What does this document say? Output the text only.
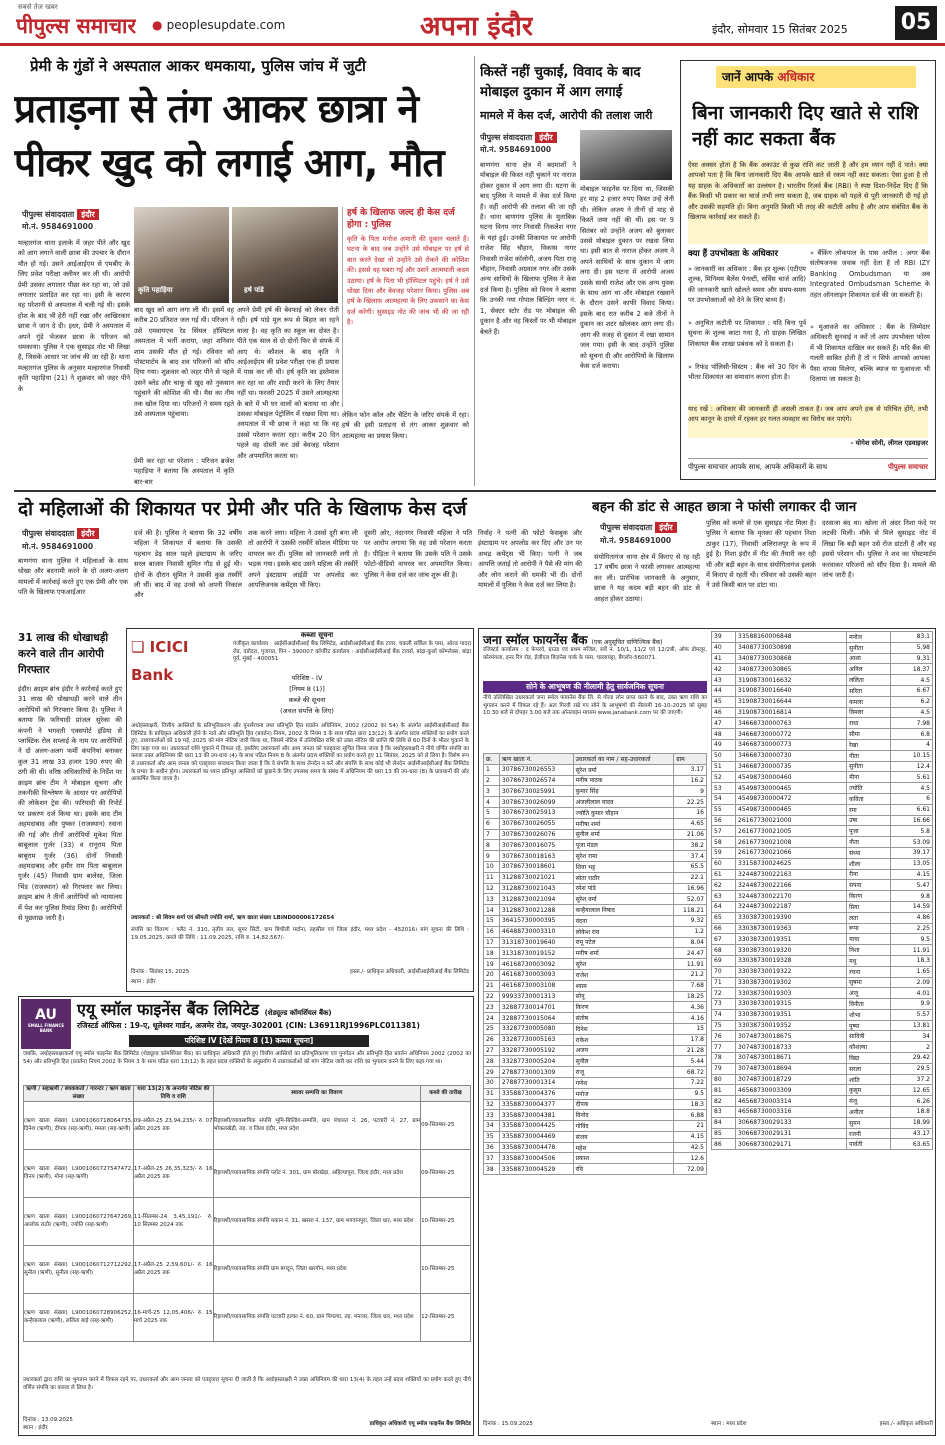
सबसे तेज खबर
पीपुल्स समाचार ● peoplesupdate.com	अपना इंदौर	इंदौर, सोमवार 15 सितंबर 2025 05
प्रेमी के गुंडों ने अस्पताल आकर धमकाया, पुलिस जांच में जुटी
प्रताड़ना से तंग आकर छात्रा ने
पीकर खुद को लगाई आग, मौत
पीपुल्स संवाददाता इंदौर
मो.नं. 9584691000
मल्हारगंज थाना इलाके में जहर पीने और खुद को आग लगाने वाली छात्रा की उपचार के दौरान मौत हो गई। उसने आईआईएम से एमबीए के लिए प्रवेश परीक्षा क्लीयर कर ली थी। आरोपी प्रेमी उसका लगातार पीछा कर रहा था, जो उसे लगातार प्रताड़ित कर रहा था। इसी के कारण वह परेशानी से अस्पताल में चली गई थी। इसके होश के बाद भी हेरी नहीं रखा और आखिरकार छात्रा ने जान दे दी। इधर, प्रेमी ने अस्पताल में अपने गुंडे भेजकर छात्रा के परिजन को धमकाया। पुलिस ने एक सुसाइड नोट भी लिखा है, जिसके आधार पर जांच की जा रही है। थाना मल्हारगंज पुलिस के अनुसार मल्हारगंज निवासी कृति पहाड़िया (21) ने शुक्रवार को जहर पीने के
कृति पहाड़िया	हर्ष पांडे
बाद खुद को आग लगा ली थी। इसमें वह करीब 20 प्रतिशत जल गई थी। परिजन ने उसे एमवायएच रेड सिंघल हॉस्पिटल अस्पताल में भर्ती कराया, जहां शनिवार शाम उसकी मौत हो गई। रविवार को पोस्टमार्टम के बाद शव परिजनों को सौंप दिया गया। शुक्रवार को जहर पीने से पहले उसने ब्लेड और चाकू से खुद को नुकसान पहुंचाने की कोशिश की थी। मैस का नीम तक खोल दिया था। परिजनों ने समय रहते उसे अस्पताल पहुंचाया।
प्रेमी कर रहा था परेशान : परिजन ब्रजेश पहाड़िया ने बताया कि अस्पताल में कृति बार-बार
अपने प्रेमी हर्ष की बेवफाई को लेकर रोती रही। हर्ष पांडे मूल रूप से बिहार का रहने वाला है। वह कृति का स्कूल का दोस्त है। पीते एक साल से दो दोनों फिर से संपर्क में आए थे। कौशल के बाद कृति ने आईआईएम की प्रवेश परीक्षा एक ही प्रयास में पास कर ली थी। हर्ष कृति का इस्तेमाल कर रहा था और शादी करने के लिए तैयार नहीं था। फरवरी 2025 में उसने आत्महत्या के बारे में भी घर वालों को बताया था और उसका मोबाइल पेट्रोलिंग में रखवा दिया था। अस्पताल में भी छात्रा ने कहा था कि वह उससे परेशान करता रहा। करीब 20 दिन पहले वह दोस्ती कर उसे बेवजह परेशान और अपमानित करता था।
हर्ष के खिलाफ जल्द ही केस दर्ज होगा : पुलिस
कृति के पिता मनोज अमानी की दुकान चलाते हैं। घटना के बाद जब उन्होंने उसे मोबाइल पर हर्ष से बात करते देखा तो उन्होंने उसे रोकने की कोशिश की। इससे वह घबरा गई और उसने आत्मघाती कदम उठाया। हर्ष के पिता भी हॉस्पिटल पहुंचे। हर्ष ने उसे धोखा दिया और बेवजह परेशान किया। पुलिस अब हर्ष के खिलाफ आत्महत्या के लिए उकसाने का केस दर्ज करेगी। सुसाइड नोट की जांच भी की जा रही है।
लेकिन फोन कॉल और चैटिंग के जरिए संपर्क में रहा। हर्ष की इसी प्रताड़ना से तंग आकर शुक्रवार को आत्महत्या का प्रयास किया।
किस्तें नहीं चुकाईं, विवाद के बाद मोबाइल दुकान में आग लगाई
मामले में केस दर्ज, आरोपी की तलाश जारी
पीपुल्स संवाददाता इंदौर
मो.नं. 9584691000
बाणगंगा थाना क्षेत्र में बदमाशों ने मोबाइल की किस्त नहीं चुकाने पर नाराज होकर दुकान में आग लगा दी। घटना के बाद पुलिस ने मामले में केस दर्ज किया है। वहीं आरोपी की तलाश की जा रही है। थाना बाणगंगा पुलिस के मुताबिक घटना विनय नगर निवासी निकलेश नगर के यहां हुई। उनकी शिकायत पर आरोपी राजेश सिंह चौहान, विकास नागर निवासी राजेश कॉलोनी, अजय पिता राजू चौहान, निवासी अग्रवाल नगर और उसके अन्य साथियों के खिलाफ पुलिस ने केस दर्ज किया है। पुलिस को विनय ने बताया कि उनकी नया गोपाल बिल्डिंग नगर नं. 1, सेक्टर स्टोर रोड पर मोबाइल की दुकान है और वह किस्तों पर भी मोबाइल बेचते हैं।
मोबाइल फाइनेंस पर दिया था, जिसकी हर माह 2 हजार रुपए किस्त उन्हें लेनी थी। लेकिन अजय ने तीनों दो माह से किस्तें जमा नहीं की थीं। इस पर 9 सितंबर को उन्होंने अजय को बुलाकर उससे मोबाइल दुकान पर रखवा लिया था। इसी बात से नाराज होकर अजय ने अपने साथियों के साथ दुकान में आग लगा दी। इस घटना में आरोपी अजय उसके साथी राजेश और एक अन्य युवक के साथ आग था और मोबाइल रखवाने के दौरान उसने काफी विवाद किया। इसके बाद रात करीब 2 बजे तीनों ने दुकान का शटर खोलकर आग लगा दी। आग की वजह से दुकान में रखा सामान जल गया। इसी के बाद उन्होंने पुलिस को सूचना दी और आरोपियों के खिलाफ केस दर्ज कराया।
जानें आपके अधिकार
बिना जानकारी दिए खाते से राशि नहीं काट सकता बैंक
ऐसा अक्सर होता है कि बैंक अकाउंट से कुछ राशि कट जाती है और हम ध्यान नहीं दे पाते। क्या आपको पता है कि बिना जानकारी दिए बैंक आपके खाते से रकम नहीं काट सकता। ऐसा हुआ है तो यह ग्राहक के अधिकारों का उल्लंघन है। भारतीय रिजर्व बैंक (RBI) ने स्पष्ट दिशा-निर्देश दिए हैं कि बैंक किसी भी प्रकार का चार्ज तभी लगा सकता है, जब ग्राहक को पहले से पूरी जानकारी दी गई हो और उसकी सहमति हो। बिना अनुमति किसी भी तरह की कटौती अवैध है और आप संबंधित बैंक के खिलाफ कार्रवाई कर सकते हैं।
क्या हैं उपभोक्ता के अधिकार
» जानकारी का अधिकार : बैंक हर शुल्क (एटीएम शुल्क, मिनिमम बैलेंस पेनल्टी, सर्विस चार्ज आदि) की जानकारी खाते खोलते समय और समय-समय पर उपभोक्ताओं को देने के लिए बाध्य है।
» अनुचित कटौती पर शिकायत : यदि बिना पूर्व सूचना के शुल्क काटा गया है, तो ग्राहक लिखित शिकायत बैंक शाखा प्रबंधक को दे सकता है।
» रिफंड पॉलिसी-सिस्टम : बैंक को 30 दिन के भीतर शिकायत का समाधान करना होता है।
» बैंकिंग लोकपाल के पास अपील : अगर बैंक संतोषजनक जवाब नहीं देता है तो RBI IZY Banking Ombudsman या अब Integrated Ombudsman Scheme के तहत ऑनलाइन शिकायत दर्ज की जा सकती है।
» मुआवजे का अधिकार : बैंक के जिम्मेदार अधिकारी सुनवाई न करें तो आप उपभोक्ता फोरम में भी शिकायत दाखिल कर सकते हैं। यदि बैंक की गलती साबित होती है तो न सिर्फ आपको आपका पैसा वापस मिलेगा, बल्कि ब्याज या मुआवजा भी दिलाया जा सकता है।
याद रखें : अधिकार की जानकारी ही असली ताकत है। जब आप अपने हक से परिचित होंगे, तभी आप कानून के दायरे में रहकर हर गलत व्यवहार का विरोध कर पाएंगे।
- योगेश सोनी, लीगल एडवाइजर
पीपुल्स समाचार आपके साथ, आपके अधिकारों के साथ	पीपुल्स समाचार
दो महिलाओं की शिकायत पर प्रेमी और पति के खिलाफ केस दर्ज
पीपुल्स संवाददाता इंदौर
मो.नं. 9584691000
बाणगंगा थाना पुलिस ने महिलाओं के साथ धोखा और बदनामी करने के दो अलग-अलग मामलों में कार्रवाई करते हुए एक प्रेमी और एक पति के खिलाफ एफआईआर
दर्ज की है। पुलिस ने बताया कि 32 वर्षीय महिला ने शिकायत में बताया कि उसकी पहचान डेढ़ साल पहले इंस्टाग्राम के जरिए सरल बाजार निवासी सुमित गौड़ से हुई थी। दोनों के दौरान सुमित ने उसकी कुछ तस्वीरें ली थीं। बाद में वह उनसे को अपनी निकाल और
शक करने लगा। महिला ने उससे दूरी बना ली तो आरोपी ने उसकी तस्वीरें सोशल मीडिया पर वायरल कर दीं। पुलिस को जानकारी लगी तो भड़क गया। इसके बाद उसने महिला की तस्वीरें अपने इंस्टाग्राम आईडी पर अपलोड कर आपत्तिजनक कमेंट्स भी किए।
दूसरी ओर, नंदानगर निवासी महिला ने पति पर आरोप लगाया कि वह उसे परेशान करता है। पीड़िता ने बताया कि उसके पति ने उसके फोटो-वीडियो वायरल कर अपमानित किया। पुलिस ने केस दर्ज कर जांच शुरू की है।
निर्वाह ने पत्नी की फोटो फेसबुक और इंस्टाग्राम पर अपलोड कर दिए और उन पर अभद्र कमेंट्स भी किए। पत्नी ने जब आपत्ति जताई तो आरोपी ने पैसे की मांग की और लोन कराने की धमकी भी दी। दोनों मामलों में पुलिस ने केस दर्ज कर लिया है।
बहन की डांट से आहत छात्रा ने फांसी लगाकर दी जान
पीपुल्स संवाददाता इंदौर
मो.नं. 9584691000
संयोगितागंज थाना क्षेत्र में किराए से रह रही 17 वर्षीय छात्रा ने फांसी लगाकर आत्महत्या कर ली। प्रारंभिक जानकारी के अनुसार, छात्रा ने यह कदम बड़ी बहन की डांट से आहत होकर उठाया।
पुलिस को कमरे से एक सुसाइड नोट मिला है। पुलिस ने बताया कि मृतका की पहचान निशा ठाकुर (17), निवासी अलिराजपुर के रूप में हुई है। निशा इंदौर में नीट की तैयारी कर रही थी और बड़ी बहन के साथ संयोगितागंज इलाके में किराए से रहती थी। रविवार को उसकी बहन ने उसे किसी बात पर डांटा था।
दरवाजा बंद था। खोला तो अंदर निशा फंदे पर लटकी मिली। मौके से मिले सुसाइड नोट में लिखा कि बड़ी बहन उसे रोज डांटती है और वह इससे परेशान थी। पुलिस ने शव का पोस्टमार्टम करवाकर परिजनों को सौंप दिया है। मामले की जांच जारी है।
31 लाख की धोखाधड़ी करने वाले तीन आरोपी गिरफ्तार
इंदौर। क्राइम ब्रांच इंदौर ने कार्रवाई करते हुए 31 लाख की धोखाधड़ी करने वाले तीन आरोपियों को गिरफ्तार किया है। पुलिस ने बताया कि फरियादी प्रांजल सुरेका की कंपनी ने भगवती एक्सपोर्ट इंडिया से प्लास्टिक रोल सप्लाई के नाम पर आरोपियों ने दो अलग-अलग फर्मी कंपनियां बनाकर कुल 31 लाख 33 हजार 190 रुपए की ठगी की थी। वरिष्ठ अधिकारियों के निर्देश पर क्राइम ब्रांच टीम ने मोबाइल सूचना और तकनीकी विश्लेषण के आधार पर आरोपियों की लोकेशन ट्रेस की। फरियादी की रिपोर्ट पर प्रकरण दर्ज किया था। इसके बाद टीम अहमदाबाद और पुष्कर (राजस्थान) रवाना की गई और तीनों आरोपियों मुकेश पिता बाबूलाल गुर्जर (33) व रानूराम पिता बाबूराम गुर्जर (36) दोनों निवासी अहमदाबाद और हमीर राम पिता बाबूलाल गुर्जर (45) निवासी ग्राम बालेसा, जिला भिंड (राजस्थान) को गिरफ्तार कर लिया। क्राइम ब्रांच ने तीनों आरोपियों को न्यायालय में पेश कर पुलिस रिमांड लिया है। आरोपियों से पूछताछ जारी है।
❏ ICICI Bank
कब्जा सूचना
पंजीकृत कार्यालय : आईसीआईसीआई बैंक लिमिटेड, आईसीआईसीआई बैंक टावर, चकली सर्किल के पास, ओल्ड पादरा रोड, वडोदरा, गुजरात, पिन - 390007 कॉर्पोरेट कार्यालय : आईसीआईसीआई बैंक टावर्स, बांद्रा-कुर्ला कॉम्प्लेक्स, बांद्रा पूर्व, मुंबई - 400051
परिशिष्ट - IV
[नियम 8 (1)]
कब्जे की सूचना
(अचल संपत्ति के लिए)
अधोहस्ताक्षरी, वित्तीय आस्तियों के प्रतिभूतिकरण और पुनर्संरचना तथा प्रतिभूति हित प्रवर्तन अधिनियम, 2002 (2002 का 54) के अंतर्गत आईसीआईसीआई बैंक लिमिटेड के प्राधिकृत अधिकारी होने के नाते और प्रतिभूति हित (प्रवर्तन) नियम, 2002 के नियम 3 के साथ पठित धारा 13(12) के अंतर्गत प्रदत्त शक्तियों का प्रयोग करते हुए, उधारकर्ताओं को 19 मई, 2025 को मांग नोटिस जारी किया था, जिसमें नोटिस में उल्लिखित राशि को उक्त नोटिस की प्राप्ति की तिथि से 60 दिनों के भीतर चुकाने के लिए कहा गया था। उधारकर्ता राशि चुकाने में विफल रहे, इसलिए उधारकर्ता और आम जनता को एतद्द्वारा सूचित किया जाता है कि अधोहस्ताक्षरी ने नीचे वर्णित संपत्ति का कब्जा उक्त अधिनियम की धारा 13 की उप-धारा (4) के साथ पठित नियम 8 के अंतर्गत प्रदत्त शक्तियों का प्रयोग करते हुए 11 सितंबर, 2025 को ले लिया है। विशेष रूप से उधारकर्ता और आम जनता को एतद्द्वारा सावधान किया जाता है कि वे संपत्ति के साथ लेनदेन न करें और संपत्ति के साथ कोई भी लेनदेन आईसीआईसीआई बैंक लिमिटेड के प्रभार के अधीन होगा। उधारकर्ता का ध्यान प्रतिभूत आस्तियों को छुड़ाने के लिए उपलब्ध समय के संबंध में अधिनियम की धारा 13 की उप-धारा (8) के प्रावधानों की ओर आकर्षित किया जाता है।
उधारकर्ता : श्री शिवम शर्मा एवं श्रीमती ज्योति शर्मा, ऋण खाता संख्या LBIND00006172654
संपत्ति का विवरण : फ्लैट नं. 310, तृतीय तल, सुपर सिटी, ग्राम बिचौली मर्दाना, तहसील एवं जिला इंदौर, मध्य प्रदेश - 452016। मांग सूचना की तिथि : 19.05.2025, कब्जे की तिथि : 11.09.2025, राशि रु. 14,82,567/-
दिनांक : सितंबर 15, 2025
स्थान : इंदौर
हस्ता./- प्राधिकृत अधिकारी, आईसीआईसीआई बैंक लिमिटेड
AU
SMALL FINANCE BANK
एयू स्मॉल फाइनेंस बैंक लिमिटेड (शेड्यूल्ड कॉमर्शियल बैंक)
रजिस्टर्ड ऑफिस : 19-ए, धूलेश्वर गार्डन, अजमेर रोड, जयपुर-302001 (CIN: L36911RJ1996PLC011381)
परिशिष्ट IV [देखें नियम 8 (1) कब्जा सूचना]
जबकि, अधोहस्ताक्षरकर्ता एयू स्मॉल फाइनेंस बैंक लिमिटेड (शेड्यूल्ड कॉमर्शियल बैंक) का प्राधिकृत अधिकारी होते हुए वित्तीय आस्तियों का प्रतिभूतिकरण एवं पुनर्गठन और प्रतिभूति हित प्रवर्तन अधिनियम 2002 (2002 का 54) और प्रतिभूति हित (प्रवर्तन) नियम 2002 के नियम 3 के साथ पठित धारा 13(12) के तहत प्रदत्त शक्तियों के अनुप्रयोग में उधारकर्ताओं को मांग नोटिस जारी कर राशि का भुगतान करने के लिए कहा गया था।
ऋणी / सहऋणी / बंधककर्ता / गारन्टर / ऋण खाता संख्या	धारा 13(2) के अन्तर्गत नोटिस की तिथि व राशि	स्थावर सम्पत्ति का विवरण	कब्जे की तारीख
(ऋण खाता संख्या) L9001060718064735, दिनेश (ऋणी), दीपक (सह-ऋणी), ममता (सह-ऋणी)	09-अप्रैल-25 23,94,235/- रु. 07 अप्रैल 2025 तक	रिहायशी/व्यावसायिक संपत्ति भूमि-बिल्डिंग-सम्पत्ति, ग्राम पंचायत नं. 26, पटवारी नं. 27, ग्राम भोकलखेड़ी, तह. व जिला इंदौर, मध्य प्रदेश	09-सितम्बर-25
(ऋण खाता संख्या) L9001060727547472, विनय (ऋणी), मोना (सह-ऋणी)	17-अप्रैल-25 26,35,323/- रु. 16 अप्रैल 2025 तक	रिहायशी/व्यावसायिक संपत्ति प्लॉट नं. 301, ग्राम बोरखेड़ा, अहिल्यापुरा, जिला इंदौर, मध्य प्रदेश	09-सितम्बर-25
(ऋण खाता संख्या) L9001060727647269, आलोक राठौर (ऋणी), ज्योति (सह-ऋणी)	11-सितम्बर-24 3,45,191/- रु. 10 सितम्बर 2024 तक	रिहायशी/व्यावसायिक संपत्ति मकान नं. 31, खसरा नं. 137, ग्राम भगवानपुरा, जिला धार, मध्य प्रदेश	10-सितम्बर-25
(ऋण खाता संख्या) L9001060712712292, सुनील (ऋणी), सुनीता (सह-ऋणी)	17-अप्रैल-25 2,59,601/- रु. 16 अप्रैल 2025 तक	रिहायशी/व्यावसायिक संपत्ति ग्राम बगदून, जिला खरगोन, मध्य प्रदेश	10-सितम्बर-25
(ऋण खाता संख्या) L9001060728906252, कन्हैयालाल (ऋणी), ललिता बाई (सह-ऋणी)	16-मार्च-25 12,05,406/- रु. 15 मार्च 2025 तक	रिहायशी/व्यावसायिक संपत्ति पटवारी हल्का नं. 60, ग्राम पिपल्या, तह. मनावर, जिला धार, मध्य प्रदेश	12-सितम्बर-25
उधारकर्ता द्वारा राशि का भुगतान करने में विफल रहने पर, उधारकर्ता और आम जनता को एतद्द्वारा सूचना दी जाती है कि अधोहस्ताक्षरी ने उक्त अधिनियम की धारा 13(4) के तहत उन्हें प्रदत्त शक्तियों का प्रयोग करते हुए नीचे वर्णित संपत्ति का कब्जा ले लिया है।
दिनांक : 13.09.2025
स्थान : इंदौर
प्राधिकृत अधिकारी एयू स्मॉल फाइनेंस बैंक लिमिटेड
जना स्मॉल फायनेंस बैंक (एक अनुसूचित वाणिज्यिक बैंक)
रजिस्टर्ड कार्यालय : द फेयरवे, ग्राउंड एवं प्रथम मंजिल, सर्वे नं. 10/1, 11/2 एवं 12/2बी, ऑफ डोमलूर, कोरमंगला, इनर रिंग रोड, ईजीएल बिज़नेस पार्क के पास, चल्लाघट्टा, बैंगलोर-560071.
सोने के आभूषण की नीलामी हेतु सार्वजनिक सूचना
नीचे उल्लिखित उधारकर्ता जना स्मॉल फायनेंस बैंक लि. से गोल्ड लोन प्राप्त करने के बाद, उक्त ऋण राशि का भुगतान करने में विफल रहे हैं। अतः गिरवी रखे गए सोने के आभूषणों की नीलामी 16-10-2025 को सुबह 10.30 बजे से दोपहर 3.00 बजे तक ऑनलाइन माध्यम www.janabank.com पर की जाएगी।
क्र.	ऋण खाता नं.	उधारकर्ता का नाम / सह-उधारकर्ता	ग्राम
1	30786730026553	सुरेश वर्मा	3.17
2	30786730026574	मनीष पाठक	16.2
3	30786730025991	कुमार सिंह	9
4	30786730026099	अंजलीलाल यादव	22.25
5	30786730025913	ज्योति कुमार चौहान	16
6	30786730026055	मनीषा शर्मा	4.65
7	30786730026076	सुनील शर्मा	21.06
8	30786730016075	पूजा मंडल	38.2
9	30786730018163	सुरेश रामा	37.4
10	30786730018601	शिवा भट्ट	65.5
11	31288730021021	स्वेता राठौर	22.1
12	31288730021043	रमेश पांडे	16.96
13	31288730021094	सुरेश वर्मा	52.07
14	31288730021288	कन्हैयालाल निषाद	118.21
15	36415730000395	वंदना	9.32
16	46488730003310	लोकेश राय	1.2
17	31318730019640	रामू पटेल	8.04
18	31318730019152	मनीष शर्मा	24.47
19	46168730003092	सुरेश	11.91
20	46168730003093	राजेश	21.2
21	46168730003108	श्याम	7.68
22	99933730001313	सोनू	18.25
23	32887730014701	किरण	4.36
24	32887730015064	संतोष	4.16
25	33287730005080	दिनेश	15
26	33287730005163	राकेश	17.8
27	33287730005192	अजय	21.28
28	33287730005204	सुनील	5.44
29	27887730001309	राजू	68.72
30	27887730001314	गणेश	7.22
31	33588730004376	मनोज	9.5
32	33588730004377	दीपक	18.3
33	33588730004381	विनोद	6.88
34	33588730004425	गोविंद	21
35	33588730004469	संजय	4.15
36	33588730004478	महेश	42.5
37	33588730004506	प्रकाश	12.6
38	33588730004529	रवि	72.09
39	33588160006848	मनोज	83.1
40	34087730030898	सुनीता	5.98
41	34087730030868	आशा	9.31
42	34087730030865	अनिल	18.37
43	31908730016632	ललिता	4.5
44	31908730016640	सरिता	6.67
45	31908730016644	कमला	6.2
46	31908730016814	विमला	4.5
47	34668730000763	राधा	7.98
48	34668730000772	सीमा	6.8
49	34668730000773	रेखा	4
50	34668730000730	गीता	10.15
51	34668730000735	सुनीता	12.4
52	45498730000460	मीना	5.61
53	45498730000465	ज्योति	4.5
54	45498730000472	कविता	6
55	45498730000465	रमा	6.61
56	26167730021000	उषा	16.66
57	26167730021005	पूजा	5.8
58	26167730021008	नीता	53.09
59	26167730021066	संध्या	39.17
60	33158730024625	शीला	13.05
61	32448730022163	रीना	4.15
62	32448730022166	सपना	5.47
63	32448730022170	किरण	9.8
64	32448730022187	प्रिया	14.59
65	33038730019390	लता	4.86
66	33038730019363	रूपा	2.25
67	33038730019351	माया	9.5
68	33038730019320	निशा	11.91
69	33038730019328	मधु	18.3
70	33038730019322	रचना	1.65
71	33038730019302	सुषमा	2.09
72	33038730019303	अंजू	4.01
73	33038730019315	विनीता	9.9
74	33038730019351	शोभा	5.57
75	33038730019352	पुष्पा	13.81
76	30748730018675	सावित्री	34
77	30748730018733	कौशल्या	2
78	30748730018671	विद्या	29.42
79	30748730018694	सरला	29.5
80	30748730018729	शांति	37.2
81	46568730003309	कुसुम	12.65
82	46568730003314	मंजू	6.26
83	46568730003316	अनीता	18.8
84	30668730029133	सुमन	18.99
85	30668730029131	रजनी	43.17
86	30668730029171	पार्वती	63.65
स्थान : मध्य प्रदेश
दिनांक : 15.09.2025	हस्ता./- अधिकृत अधिकारी
